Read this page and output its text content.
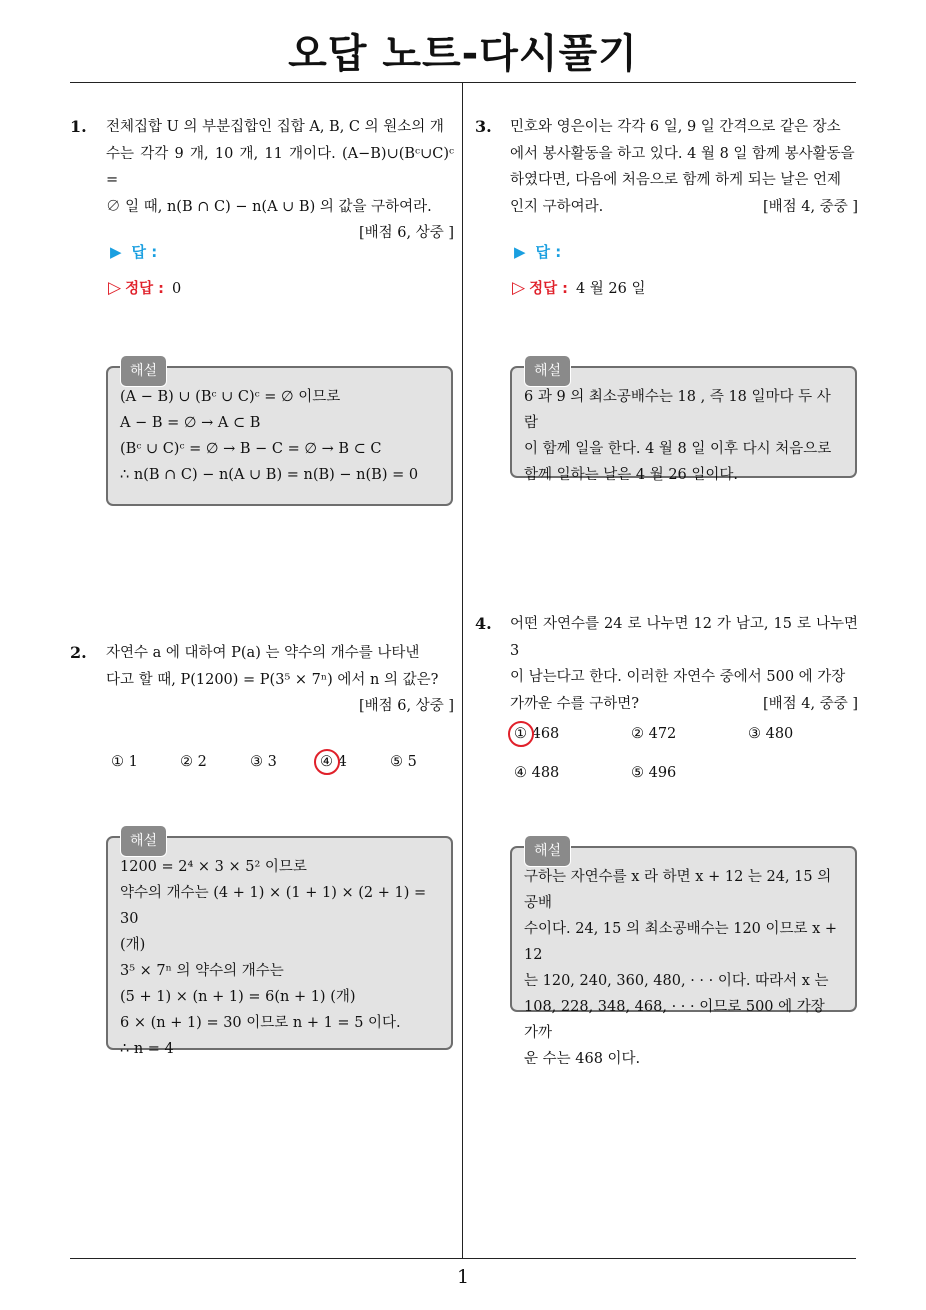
오답 노트-다시풀기
1
1. 전체집합 U 의 부분집합인 집합 A, B, C 의 원소의 개
수는 각각 9 개, 10 개, 11 개이다. (A−B)∪(Bᶜ∪C)ᶜ =
∅ 일 때, n(B ∩ C) − n(A ∪ B) 의 값을 구하여라.
[배점 6, 상중 ]
▶ 답 :
▷ 정답 : 0
해설
(A − B) ∪ (Bᶜ ∪ C)ᶜ = ∅ 이므로
A − B = ∅ → A ⊂ B
(Bᶜ ∪ C)ᶜ = ∅ → B − C = ∅ → B ⊂ C
∴ n(B ∩ C) − n(A ∪ B) = n(B) − n(B) = 0
2. 자연수 a 에 대하여 P(a) 는 약수의 개수를 나타낸
다고 할 때, P(1200) = P(3⁵ × 7ⁿ) 에서 n 의 값은?
[배점 6, 상중 ]
① 1	② 2	③ 3	④ 4	⑤ 5
해설
1200 = 2⁴ × 3 × 5² 이므로
약수의 개수는 (4 + 1) × (1 + 1) × (2 + 1) = 30
(개)
3⁵ × 7ⁿ 의 약수의 개수는
(5 + 1) × (n + 1) = 6(n + 1) (개)
6 × (n + 1) = 30 이므로 n + 1 = 5 이다.
∴ n = 4
3. 민호와 영은이는 각각 6 일, 9 일 간격으로 같은 장소
에서 봉사활동을 하고 있다. 4 월 8 일 함께 봉사활동을
하였다면, 다음에 처음으로 함께 하게 되는 날은 언제
인지 구하여라.	[배점 4, 중중 ]
▶ 답 :
▷ 정답 : 4 월 26 일
해설
6 과 9 의 최소공배수는 18 , 즉 18 일마다 두 사람
이 함께 일을 한다. 4 월 8 일 이후 다시 처음으로
함께 일하는 날은 4 월 26 일이다.
4. 어떤 자연수를 24 로 나누면 12 가 남고, 15 로 나누면 3
이 남는다고 한다. 이러한 자연수 중에서 500 에 가장
가까운 수를 구하면?	[배점 4, 중중 ]
① 468	② 472	③ 480
④ 488	⑤ 496
해설
구하는 자연수를 x 라 하면 x + 12 는 24, 15 의 공배
수이다. 24, 15 의 최소공배수는 120 이므로 x + 12
는 120, 240, 360, 480, · · · 이다. 따라서 x 는
108, 228, 348, 468, · · · 이므로 500 에 가장 가까
운 수는 468 이다.
